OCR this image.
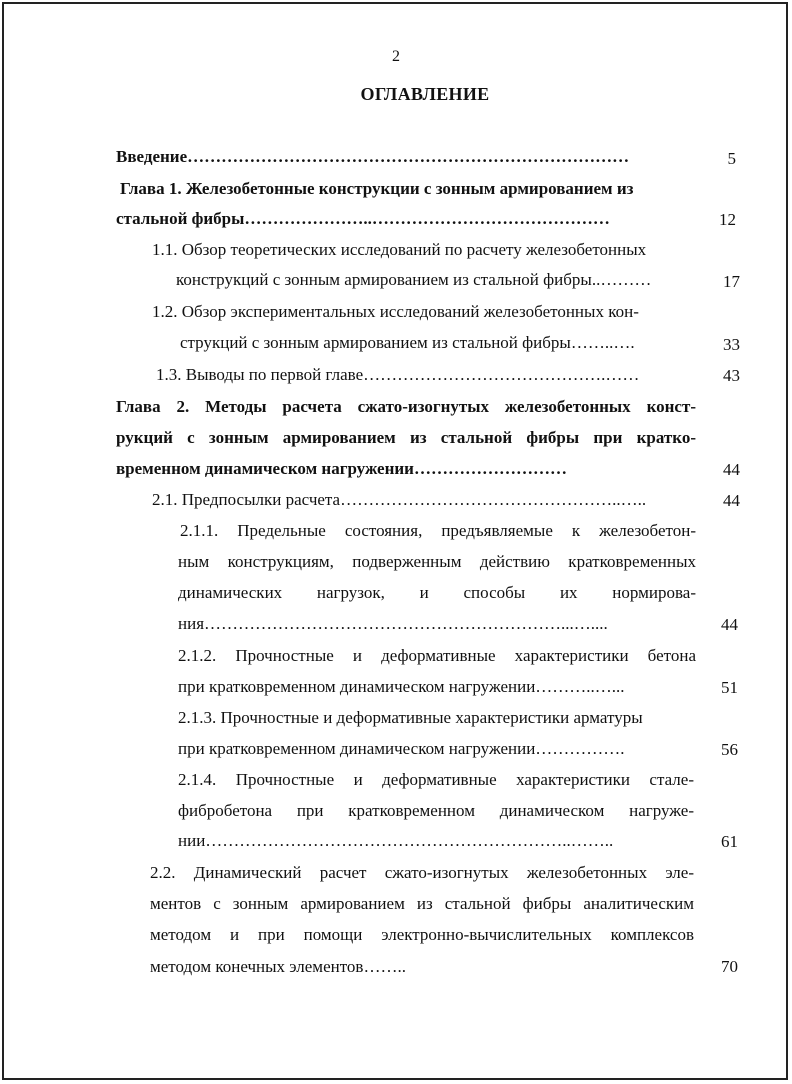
2
ОГЛАВЛЕНИЕ
Введение……………………………………………………………………	5
Глава 1. Железобетонные конструкции с зонным армированием из
стальной фибры…………………..……………………………………	12
1.1. Обзор теоретических исследований по расчету железобетонных
конструкций с зонным армированием из стальной фибры..………	17
1.2. Обзор экспериментальных исследований железобетонных кон-
струкций с зонным армированием из стальной фибры……..….	33
1.3. Выводы по первой главе…………………………………….……	43
Глава 2. Методы расчета сжато-изогнутых железобетонных конст-
рукций с зонным армированием из стальной фибры при кратко-
временном динамическом нагружении………………………	44
2.1. Предпосылки расчета…………………………………………..…..	44
2.1.1. Предельные состояния, предъявляемые к железобетон-
ным конструкциям, подверженным действию кратковременных
динамических нагрузок, и способы их нормирова-
ния………………………………………………………...…....	44
2.1.2. Прочностные и деформативные характеристики бетона
при кратковременном динамическом нагружении………..…...	51
2.1.3. Прочностные и деформативные характеристики арматуры
при кратковременном динамическом нагружении…………….	56
2.1.4. Прочностные и деформативные характеристики стале-
фибробетона при кратковременном динамическом нагруже-
нии………………………………………………………..……..	61
2.2. Динамический расчет сжато-изогнутых железобетонных эле-
ментов с зонным армированием из стальной фибры аналитическим
методом и при помощи электронно-вычислительных комплексов
методом конечных элементов……..	70
